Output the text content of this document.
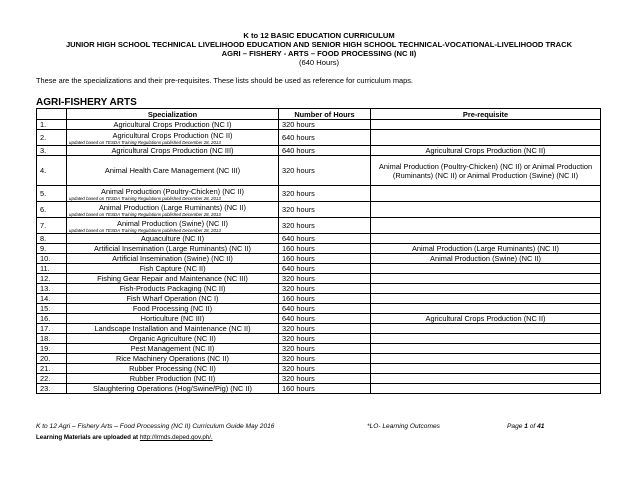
K to 12 BASIC EDUCATION CURRICULUM
JUNIOR HIGH SCHOOL TECHNICAL LIVELIHOOD EDUCATION AND SENIOR HIGH SCHOOL TECHNICAL-VOCATIONAL-LIVELIHOOD TRACK
AGRI – FISHERY - ARTS – FOOD PROCESSING (NC II)
(640 Hours)
These are the specializations and their pre-requisites. These lists should be used as reference for curriculum maps.
AGRI-FISHERY ARTS
	Specialization	Number of Hours	Pre-requisite
1.	Agricultural Crops Production (NC I)	320 hours	
2.	Agricultural Crops Production (NC II)
updated based on TESDA Training Regulations published December 28, 2013	640 hours	
3.	Agricultural Crops Production (NC III)	640 hours	Agricultural Crops Production (NC II)
4.	Animal Health Care Management (NC III)	320 hours	Animal Production (Poultry-Chicken) (NC II) or Animal Production (Ruminants) (NC II) or Animal Production (Swine) (NC II)
5.	Animal Production (Poultry-Chicken) (NC II)
updated based on TESDA Training Regulations published December 28, 2013	320 hours	
6.	Animal Production (Large Ruminants) (NC II)
updated based on TESDA Training Regulations published December 28, 2013	320 hours	
7.	Animal Production (Swine) (NC II)
updated based on TESDA Training Regulations published December 28, 2013	320 hours	
8.	Aquaculture (NC II)	640 hours	
9.	Artificial Insemination (Large Ruminants) (NC II)	160 hours	Animal Production (Large Ruminants) (NC II)
10.	Artificial Insemination (Swine) (NC II)	160 hours	Animal Production (Swine) (NC II)
11.	Fish Capture (NC II)	640 hours	
12.	Fishing Gear Repair and Maintenance (NC III)	320 hours	
13.	Fish-Products Packaging (NC II)	320 hours	
14.	Fish Wharf Operation (NC I)	160 hours	
15.	Food Processing (NC II)	640 hours	
16.	Horticulture (NC III)	640 hours	Agricultural Crops Production (NC II)
17.	Landscape Installation and Maintenance (NC II)	320 hours	
18.	Organic Agriculture (NC II)	320 hours	
19.	Pest Management (NC II)	320 hours	
20.	Rice Machinery Operations (NC II)	320 hours	
21.	Rubber Processing (NC II)	320 hours	
22.	Rubber Production (NC II)	320 hours	
23.	Slaughtering Operations (Hog/Swine/Pig) (NC II)	160 hours	
K to 12 Agri – Fishery Arts – Food Processing (NC II) Curriculum Guide May 2016	*LO- Learning Outcomes	Page 1 of 41
Learning Materials are uploaded at http://lrmds.deped.gov.ph/.
